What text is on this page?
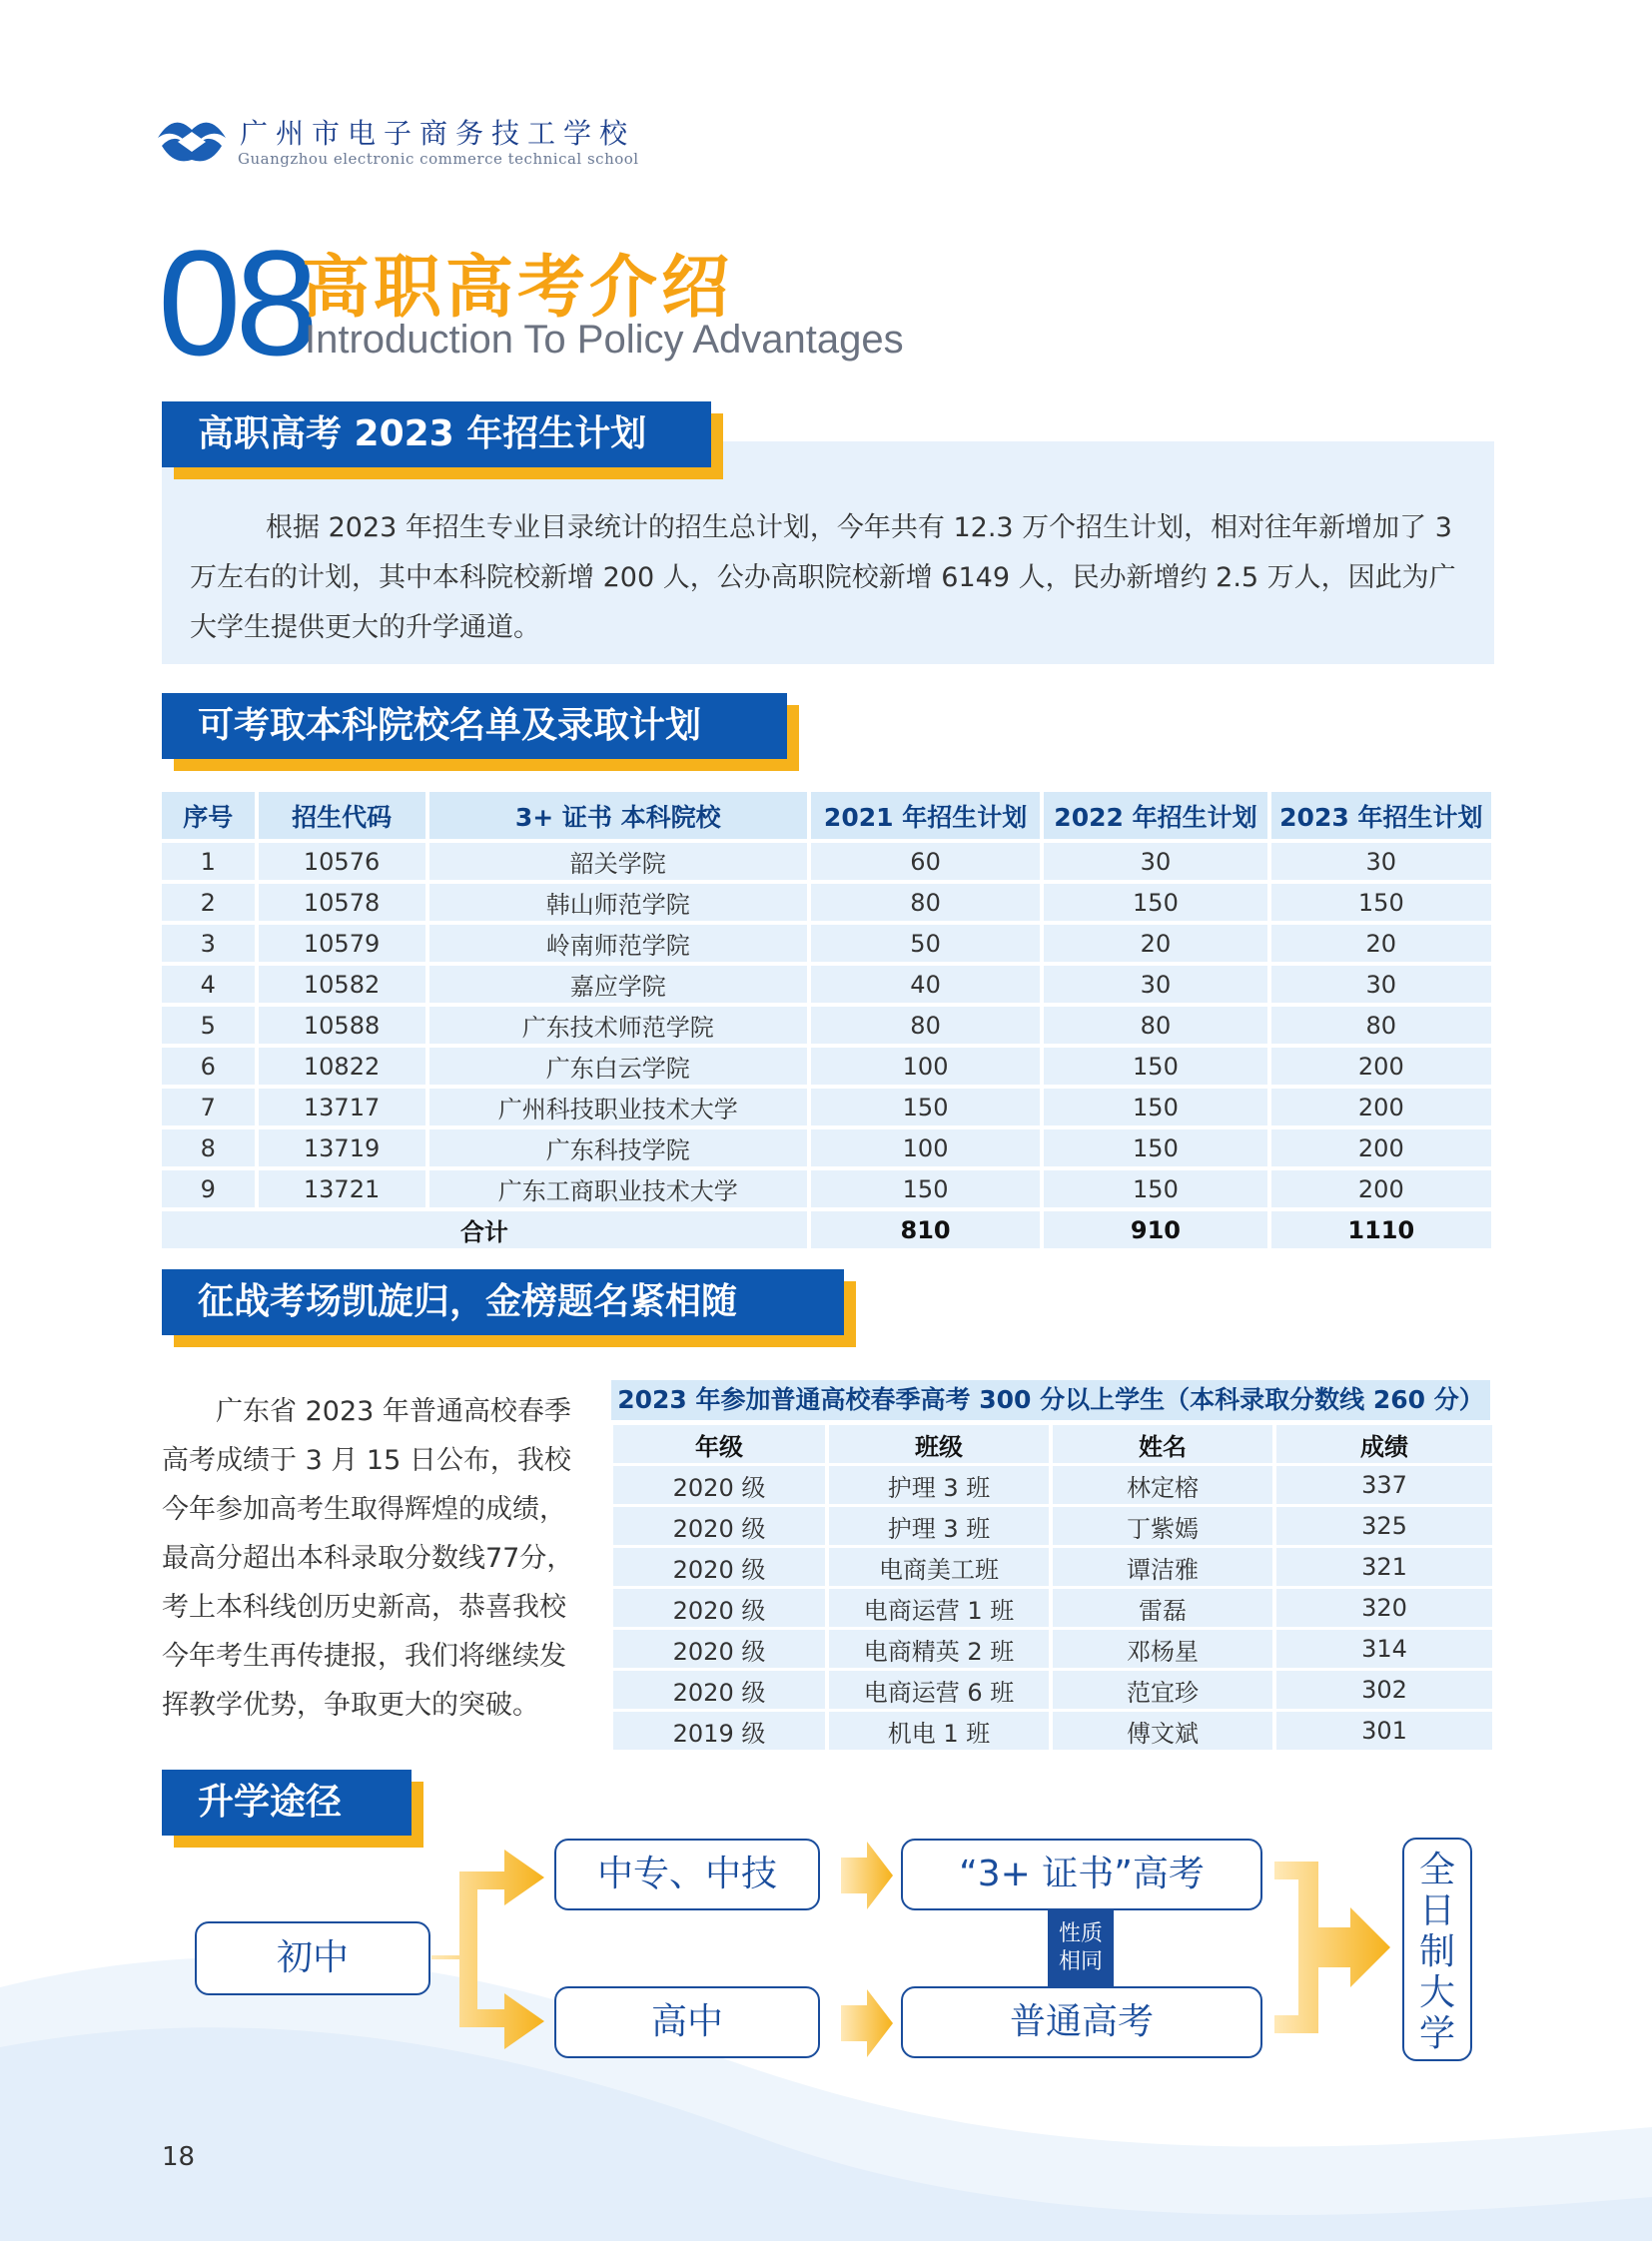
广州市电子商务技工学校
Guangzhou electronic commerce technical school
08
高职高考介绍
Introduction To Policy Advantages
根据 2023 年招生专业目录统计的招生总计划，今年共有 12.3 万个招生计划，相对往年新增加了 3 万左右的计划，其中本科院校新增 200 人，公办高职院校新增 6149 人，民办新增约 2.5 万人，因此为广大学生提供更大的升学通道。
高职高考 2023 年招生计划
可考取本科院校名单及录取计划
序号	招生代码	3+ 证书 本科院校	2021 年招生计划	2022 年招生计划	2023 年招生计划
1	10576	韶关学院	60	30	30
2	10578	韩山师范学院	80	150	150
3	10579	岭南师范学院	50	20	20
4	10582	嘉应学院	40	30	30
5	10588	广东技术师范学院	80	80	80
6	10822	广东白云学院	100	150	200
7	13717	广州科技职业技术大学	150	150	200
8	13719	广东科技学院	100	150	200
9	13721	广东工商职业技术大学	150	150	200
合计			810	910	1110
征战考场凯旋归，金榜题名紧相随
广东省 2023 年普通高校春季高考成绩于 3 月 15 日公布，我校今年参加高考生取得辉煌的成绩，最高分超出本科录取分数线77分，考上本科线创历史新高，恭喜我校今年考生再传捷报，我们将继续发挥教学优势，争取更大的突破。
2023 年参加普通高校春季高考 300 分以上学生（本科录取分数线 260 分）
年级	班级	姓名	成绩
2020 级	护理 3 班	林定榕	337
2020 级	护理 3 班	丁紫嫣	325
2020 级	电商美工班	谭洁雅	321
2020 级	电商运营 1 班	雷磊	320
2020 级	电商精英 2 班	邓杨星	314
2020 级	电商运营 6 班	范宜珍	302
2019 级	机电 1 班	傅文斌	301
升学途径
初中
中专、中技
高中
“3+ 证书”高考
普通高考
性质
相同
全
日
制
大
学
18
